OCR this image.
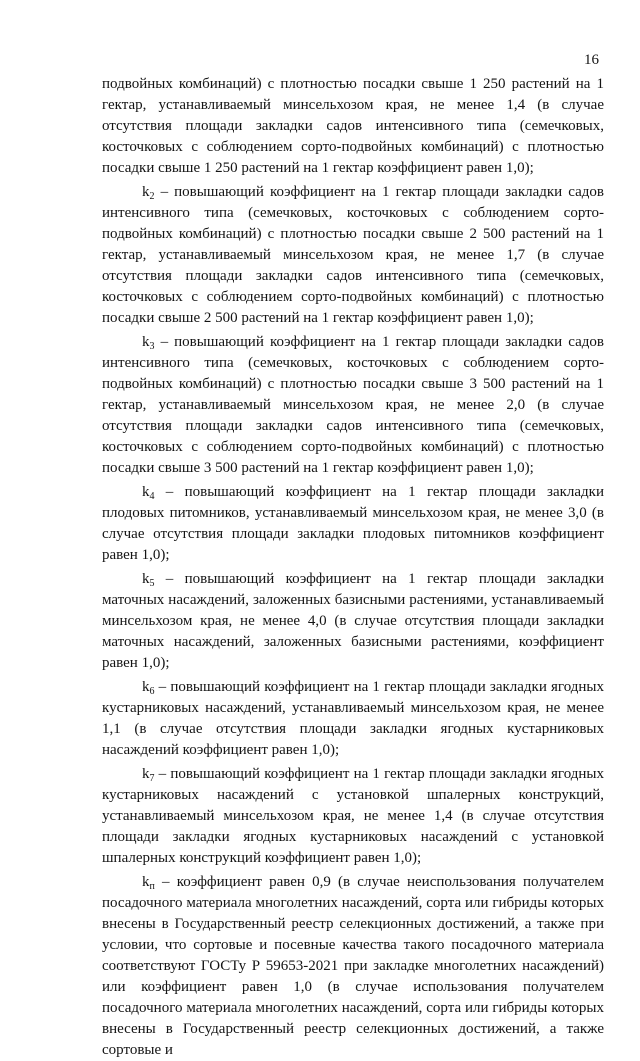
16

подвойных комбинаций) с плотностью посадки свыше 1 250 растений на 1 гектар, устанавливаемый минсельхозом края, не менее 1,4 (в случае отсутствия площади закладки садов интенсивного типа (семечковых, косточковых с соблюдением сорто-подвойных комбинаций) с плотностью посадки свыше 1 250 растений на 1 гектар коэффициент равен 1,0);

$k_2$ – повышающий коэффициент на 1 гектар площади закладки садов интенсивного типа (семечковых, косточковых с соблюдением сорто-подвойных комбинаций) с плотностью посадки свыше 2 500 растений на 1 гектар, устанавливаемый минсельхозом края, не менее 1,7 (в случае отсутствия площади закладки садов интенсивного типа (семечковых, косточковых с соблюдением сорто-подвойных комбинаций) с плотностью посадки свыше 2 500 растений на 1 гектар коэффициент равен 1,0);

$k_3$ – повышающий коэффициент на 1 гектар площади закладки садов интенсивного типа (семечковых, косточковых с соблюдением сорто-подвойных комбинаций) с плотностью посадки свыше 3 500 растений на 1 гектар, устанавливаемый минсельхозом края, не менее 2,0 (в случае отсутствия площади закладки садов интенсивного типа (семечковых, косточковых с соблюдением сорто-подвойных комбинаций) с плотностью посадки свыше 3 500 растений на 1 гектар коэффициент равен 1,0);

$k_4$ – повышающий коэффициент на 1 гектар площади закладки плодовых питомников, устанавливаемый минсельхозом края, не менее 3,0 (в случае отсутствия площади закладки плодовых питомников коэффициент равен 1,0);

$k_5$ – повышающий коэффициент на 1 гектар площади закладки маточных насаждений, заложенных базисными растениями, устанавливаемый минсельхозом края, не менее 4,0 (в случае отсутствия площади закладки маточных насаждений, заложенных базисными растениями, коэффициент равен 1,0);

$k_6$ – повышающий коэффициент на 1 гектар площади закладки ягодных кустарниковых насаждений, устанавливаемый минсельхозом края, не менее 1,1 (в случае отсутствия площади закладки ягодных кустарниковых насаждений коэффициент равен 1,0);

$k_7$ – повышающий коэффициент на 1 гектар площади закладки ягодных кустарниковых насаждений с установкой шпалерных конструкций, устанавливаемый минсельхозом края, не менее 1,4 (в случае отсутствия площади закладки ягодных кустарниковых насаждений с установкой шпалерных конструкций коэффициент равен 1,0);

$k_п$ – коэффициент равен 0,9 (в случае неиспользования получателем посадочного материала многолетних насаждений, сорта или гибриды которых внесены в Государственный реестр селекционных достижений, а также при условии, что сортовые и посевные качества такого посадочного материала соответствуют ГОСТу Р 59653-2021 при закладке многолетних насаждений) или коэффициент равен 1,0 (в случае использования получателем посадочного материала многолетних насаждений, сорта или гибриды которых внесены в Государственный реестр селекционных достижений, а также сортовые и
